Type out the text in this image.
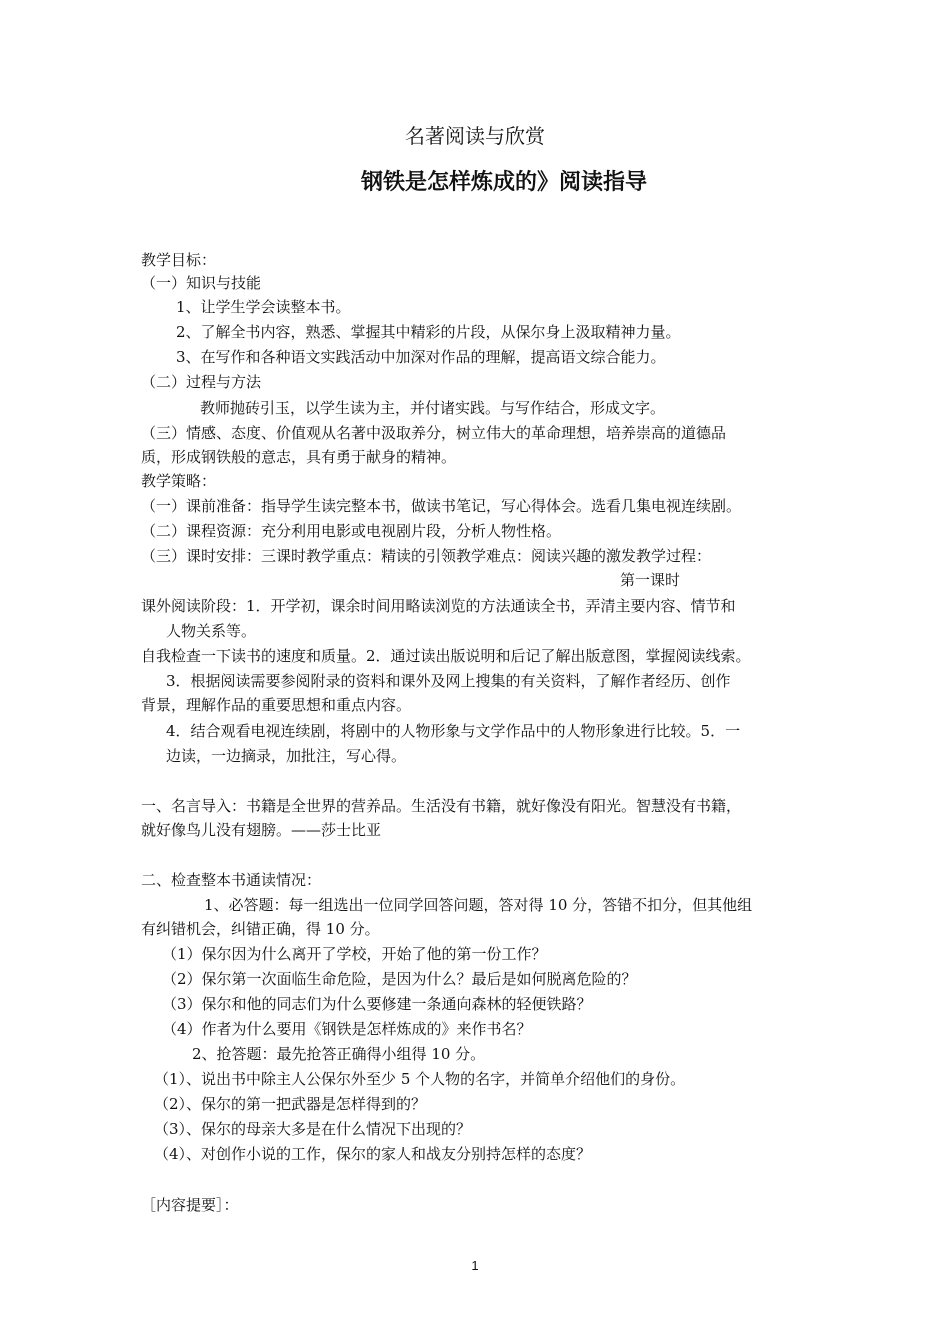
名著阅读与欣赏
钢铁是怎样炼成的》阅读指导
教学目标：
（一）知识与技能
1、让学生学会读整本书。
2、了解全书内容，熟悉、掌握其中精彩的片段，从保尔身上汲取精神力量。
3、在写作和各种语文实践活动中加深对作品的理解，提高语文综合能力。
（二）过程与方法
教师抛砖引玉，以学生读为主，并付诸实践。与写作结合，形成文字。
（三）情感、态度、价值观从名著中汲取养分，树立伟大的革命理想，培养崇高的道德品
质，形成钢铁般的意志，具有勇于献身的精神。
教学策略：
（一）课前准备：指导学生读完整本书，做读书笔记，写心得体会。选看几集电视连续剧。
（二）课程资源：充分利用电影或电视剧片段，分析人物性格。
（三）课时安排：三课时教学重点：精读的引领教学难点：阅读兴趣的激发教学过程：
第一课时
课外阅读阶段：1．开学初，课余时间用略读浏览的方法通读全书，弄清主要内容、情节和
人物关系等。
自我检查一下读书的速度和质量。2．通过读出版说明和后记了解出版意图，掌握阅读线索。
3．根据阅读需要参阅附录的资料和课外及网上搜集的有关资料，了解作者经历、创作
背景，理解作品的重要思想和重点内容。
4．结合观看电视连续剧，将剧中的人物形象与文学作品中的人物形象进行比较。5．一
边读，一边摘录，加批注，写心得。
一、名言导入：书籍是全世界的营养品。生活没有书籍，就好像没有阳光。智慧没有书籍，
就好像鸟儿没有翅膀。——莎士比亚
二、检查整本书通读情况：
1、必答题：每一组选出一位同学回答问题，答对得 10 分，答错不扣分，但其他组
有纠错机会，纠错正确，得 10 分。
（1）保尔因为什么离开了学校，开始了他的第一份工作？
（2）保尔第一次面临生命危险，是因为什么？最后是如何脱离危险的？
（3）保尔和他的同志们为什么要修建一条通向森林的轻便铁路？
（4）作者为什么要用《钢铁是怎样炼成的》来作书名？
2、抢答题：最先抢答正确得小组得 10 分。
（1）、说出书中除主人公保尔外至少 5 个人物的名字，并简单介绍他们的身份。
（2）、保尔的第一把武器是怎样得到的？
（3）、保尔的母亲大多是在什么情况下出现的？
（4）、对创作小说的工作，保尔的家人和战友分别持怎样的态度？
［内容提要］：
1
